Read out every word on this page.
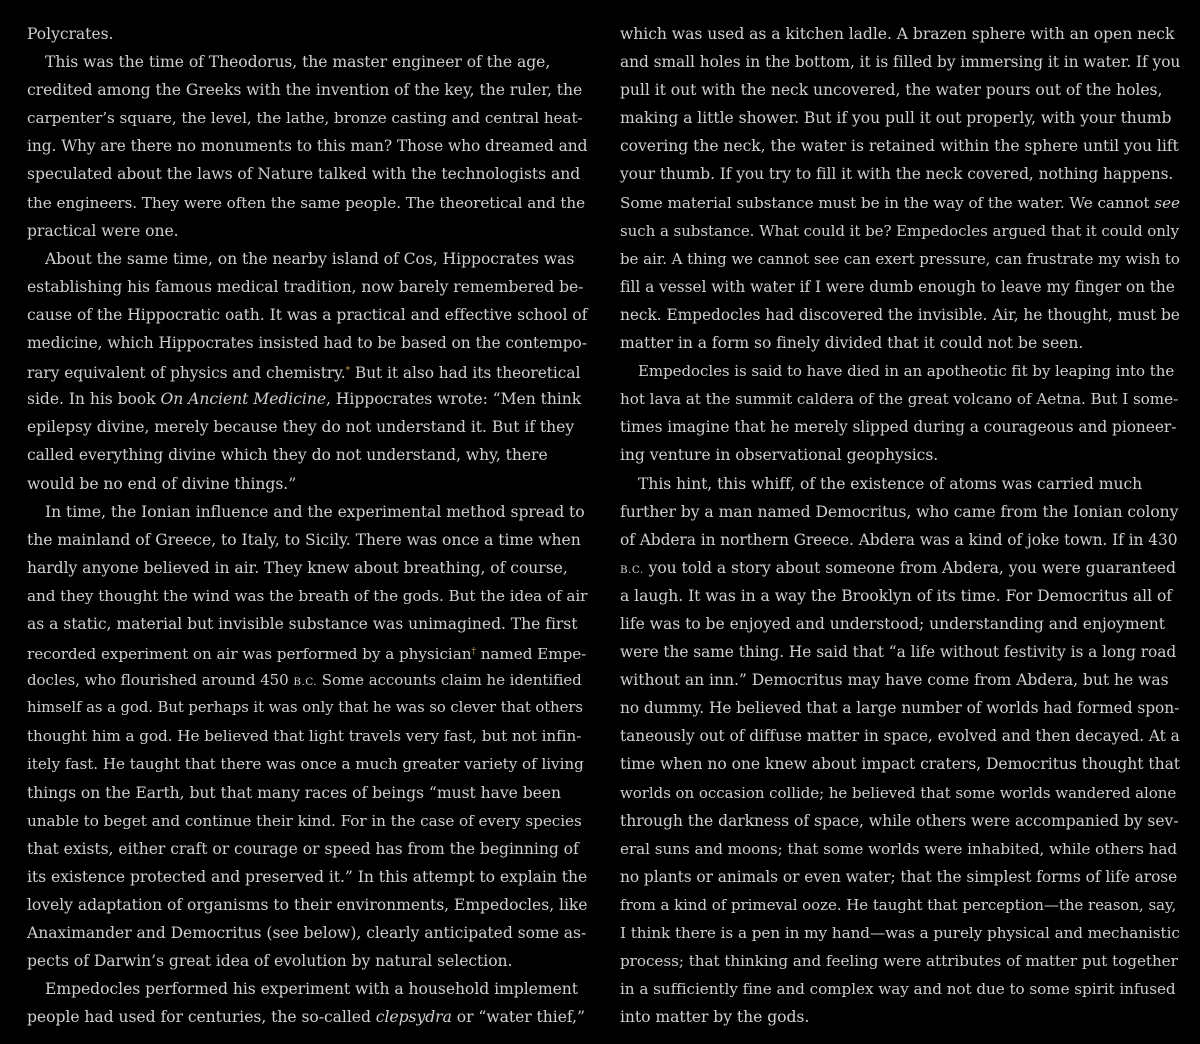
Polycrates.
This was the time of Theodorus, the master engineer of the age,
credited among the Greeks with the invention of the key, the ruler, the
carpenter’s square, the level, the lathe, bronze casting and central heat-
ing. Why are there no monuments to this man? Those who dreamed and
speculated about the laws of Nature talked with the technologists and
the engineers. They were often the same people. The theoretical and the
practical were one.
About the same time, on the nearby island of Cos, Hippocrates was
establishing his famous medical tradition, now barely remembered be-
cause of the Hippocratic oath. It was a practical and effective school of
medicine, which Hippocrates insisted had to be based on the contempo-
rary equivalent of physics and chemistry.* But it also had its theoretical
side. In his book On Ancient Medicine, Hippocrates wrote: “Men think
epilepsy divine, merely because they do not understand it. But if they
called everything divine which they do not understand, why, there
would be no end of divine things.”
In time, the Ionian influence and the experimental method spread to
the mainland of Greece, to Italy, to Sicily. There was once a time when
hardly anyone believed in air. They knew about breathing, of course,
and they thought the wind was the breath of the gods. But the idea of air
as a static, material but invisible substance was unimagined. The first
recorded experiment on air was performed by a physician† named Empe-
docles, who flourished around 450 B.C. Some accounts claim he identified
himself as a god. But perhaps it was only that he was so clever that others
thought him a god. He believed that light travels very fast, but not infin-
itely fast. He taught that there was once a much greater variety of living
things on the Earth, but that many races of beings “must have been
unable to beget and continue their kind. For in the case of every species
that exists, either craft or courage or speed has from the beginning of
its existence protected and preserved it.” In this attempt to explain the
lovely adaptation of organisms to their environments, Empedocles, like
Anaximander and Democritus (see below), clearly anticipated some as-
pects of Darwin’s great idea of evolution by natural selection.
Empedocles performed his experiment with a household implement
people had used for centuries, the so-called clepsydra or “water thief,”
which was used as a kitchen ladle. A brazen sphere with an open neck
and small holes in the bottom, it is filled by immersing it in water. If you
pull it out with the neck uncovered, the water pours out of the holes,
making a little shower. But if you pull it out properly, with your thumb
covering the neck, the water is retained within the sphere until you lift
your thumb. If you try to fill it with the neck covered, nothing happens.
Some material substance must be in the way of the water. We cannot see
such a substance. What could it be? Empedocles argued that it could only
be air. A thing we cannot see can exert pressure, can frustrate my wish to
fill a vessel with water if I were dumb enough to leave my finger on the
neck. Empedocles had discovered the invisible. Air, he thought, must be
matter in a form so finely divided that it could not be seen.
Empedocles is said to have died in an apotheotic fit by leaping into the
hot lava at the summit caldera of the great volcano of Aetna. But I some-
times imagine that he merely slipped during a courageous and pioneer-
ing venture in observational geophysics.
This hint, this whiff, of the existence of atoms was carried much
further by a man named Democritus, who came from the Ionian colony
of Abdera in northern Greece. Abdera was a kind of joke town. If in 430
B.C. you told a story about someone from Abdera, you were guaranteed
a laugh. It was in a way the Brooklyn of its time. For Democritus all of
life was to be enjoyed and understood; understanding and enjoyment
were the same thing. He said that “a life without festivity is a long road
without an inn.” Democritus may have come from Abdera, but he was
no dummy. He believed that a large number of worlds had formed spon-
taneously out of diffuse matter in space, evolved and then decayed. At a
time when no one knew about impact craters, Democritus thought that
worlds on occasion collide; he believed that some worlds wandered alone
through the darkness of space, while others were accompanied by sev-
eral suns and moons; that some worlds were inhabited, while others had
no plants or animals or even water; that the simplest forms of life arose
from a kind of primeval ooze. He taught that perception—the reason, say,
I think there is a pen in my hand—was a purely physical and mechanistic
process; that thinking and feeling were attributes of matter put together
in a sufficiently fine and complex way and not due to some spirit infused
into matter by the gods.
